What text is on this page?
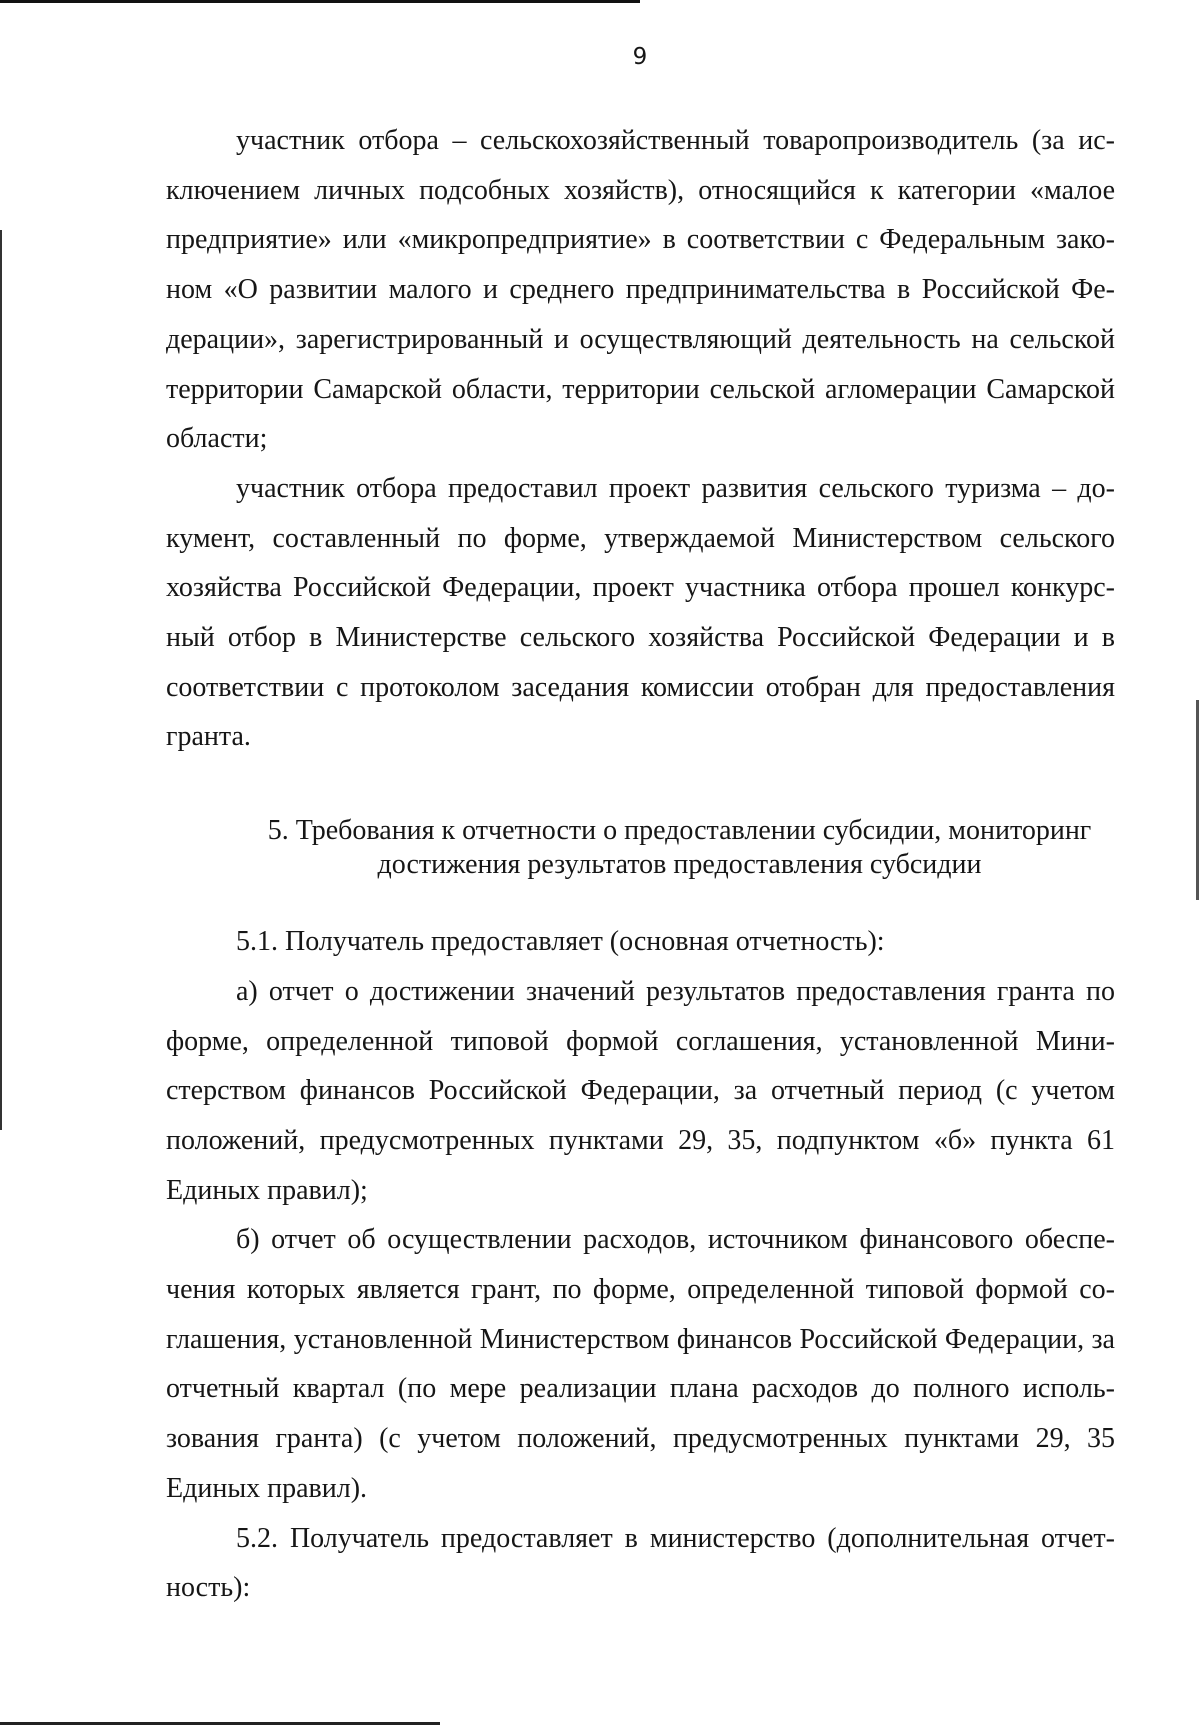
9

участник отбора – сельскохозяйственный товаропроизводитель (за исключением личных подсобных хозяйств), относящийся к категории «малое предприятие» или «микропредприятие» в соответствии с Федеральным законом «О развитии малого и среднего предпринимательства в Российской Федерации», зарегистрированный и осуществляющий деятельность на сельской территории Самарской области, территории сельской агломерации Самарской области;

участник отбора предоставил проект развития сельского туризма – документ, составленный по форме, утверждаемой Министерством сельского хозяйства Российской Федерации, проект участника отбора прошел конкурсный отбор в Министерстве сельского хозяйства Российской Федерации и в соответствии с протоколом заседания комиссии отобран для предоставления гранта.

5. Требования к отчетности о предоставлении субсидии, мониторинг
достижения результатов предоставления субсидии

5.1. Получатель предоставляет (основная отчетность):

а) отчет о достижении значений результатов предоставления гранта по форме, определенной типовой формой соглашения, установленной Министерством финансов Российской Федерации, за отчетный период (с учетом положений, предусмотренных пунктами 29, 35, подпунктом «б» пункта 61 Единых правил);

б) отчет об осуществлении расходов, источником финансового обеспечения которых является грант, по форме, определенной типовой формой соглашения, установленной Министерством финансов Российской Федерации, за отчетный квартал (по мере реализации плана расходов до полного использования гранта) (с учетом положений, предусмотренных пунктами 29, 35 Единых правил).

5.2. Получатель предоставляет в министерство (дополнительная отчетность):
